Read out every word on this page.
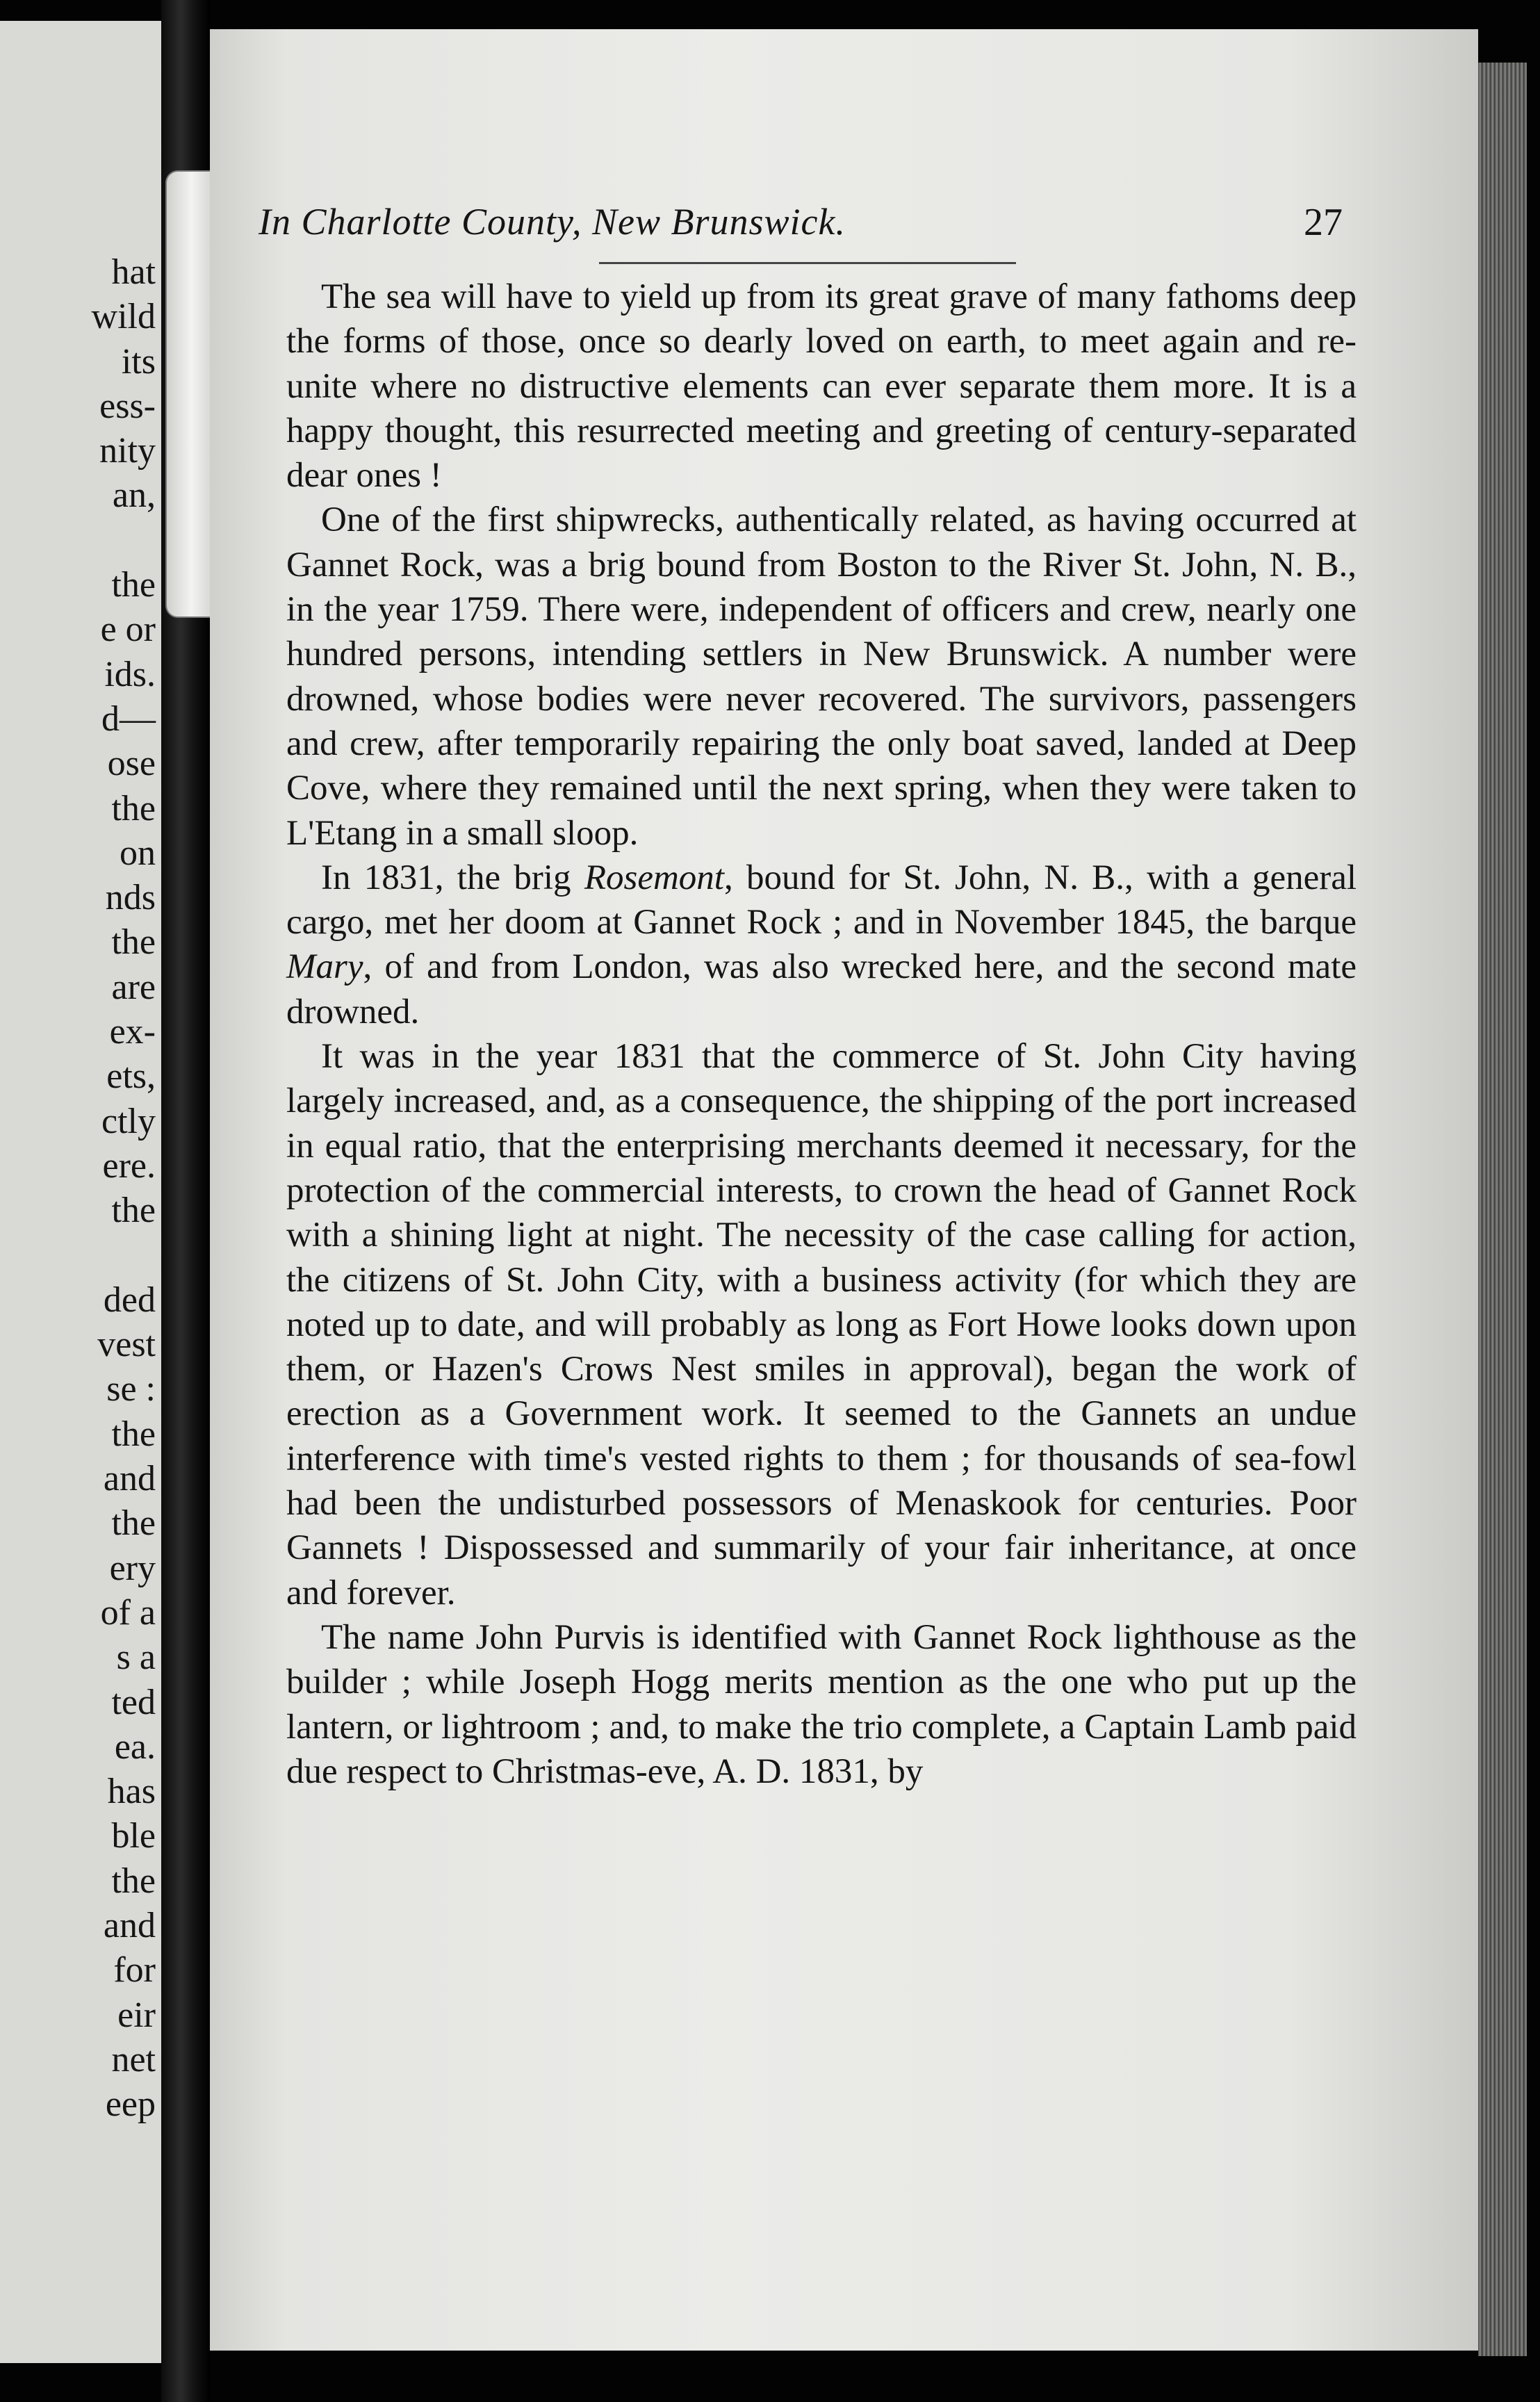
hat
wild
its
ess-
nity
an,

the
e or
ids.
d—
ose
the
on
nds
the
are
ex-
ets,
ctly
ere.
the

ded
vest
se :
the
and
the
ery
of a
s a
ted
ea.
has
ble
the
and
for
eir
net
eep
In Charlotte County, New Brunswick.	27

The sea will have to yield up from its great grave of many fathoms deep the forms of those, once so dearly loved on earth, to meet again and re-unite where no distructive elements can ever separate them more. It is a happy thought, this resurrected meeting and greeting of century-separated dear ones !

One of the first shipwrecks, authentically related, as having occurred at Gannet Rock, was a brig bound from Boston to the River St. John, N. B., in the year 1759. There were, independent of officers and crew, nearly one hundred persons, intending settlers in New Brunswick. A number were drowned, whose bodies were never recovered. The survivors, passengers and crew, after temporarily repairing the only boat saved, landed at Deep Cove, where they remained until the next spring, when they were taken to L'Etang in a small sloop.

In 1831, the brig Rosemont, bound for St. John, N. B., with a general cargo, met her doom at Gannet Rock ; and in November 1845, the barque Mary, of and from London, was also wrecked here, and the second mate drowned.

It was in the year 1831 that the commerce of St. John City having largely increased, and, as a consequence, the shipping of the port increased in equal ratio, that the enterprising merchants deemed it necessary, for the protection of the commercial interests, to crown the head of Gannet Rock with a shining light at night. The necessity of the case calling for action, the citizens of St. John City, with a business activity (for which they are noted up to date, and will probably as long as Fort Howe looks down upon them, or Hazen's Crows Nest smiles in approval), began the work of erection as a Government work. It seemed to the Gannets an undue interference with time's vested rights to them ; for thousands of sea-fowl had been the undisturbed possessors of Menaskook for centuries. Poor Gannets ! Dispossessed and summarily of your fair inheritance, at once and forever.

The name John Purvis is identified with Gannet Rock lighthouse as the builder ; while Joseph Hogg merits mention as the one who put up the lantern, or lightroom ; and, to make the trio complete, a Captain Lamb paid due respect to Christmas-eve, A. D. 1831, by
